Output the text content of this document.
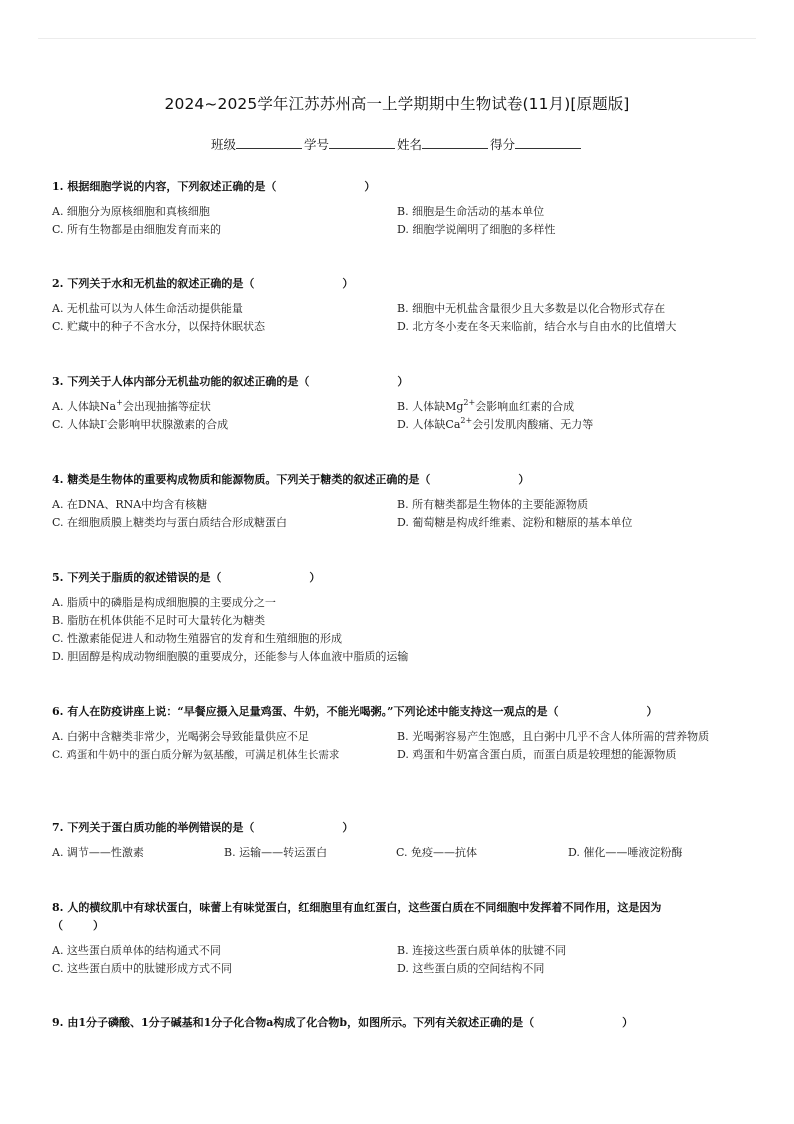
2024~2025学年江苏苏州高一上学期期中生物试卷(11月)[原题版]
班级	学号	姓名	得分
1. 根据细胞学说的内容，下列叙述正确的是（	）
A. 细胞分为原核细胞和真核细胞	B. 细胞是生命活动的基本单位
C. 所有生物都是由细胞发育而来的	D. 细胞学说阐明了细胞的多样性
2. 下列关于水和无机盐的叙述正确的是（	）
A. 无机盐可以为人体生命活动提供能量	B. 细胞中无机盐含量很少且大多数是以化合物形式存在
C. 贮藏中的种子不含水分，以保持休眠状态	D. 北方冬小麦在冬天来临前，结合水与自由水的比值增大
3. 下列关于人体内部分无机盐功能的叙述正确的是（	）
A. 人体缺Na+会出现抽搐等症状	B. 人体缺$Mg^{2+}$会影响血红素的合成
C. 人体缺I-会影响甲状腺激素的合成	D. 人体缺$Ca^{2+}$会引发肌肉酸痛、无力等
4. 糖类是生物体的重要构成物质和能源物质。下列关于糖类的叙述正确的是（	）
A. 在DNA、RNA中均含有核糖	B. 所有糖类都是生物体的主要能源物质
C. 在细胞质膜上糖类均与蛋白质结合形成糖蛋白	D. 葡萄糖是构成纤维素、淀粉和糖原的基本单位
5. 下列关于脂质的叙述错误的是（	）
A. 脂质中的磷脂是构成细胞膜的主要成分之一
B. 脂肪在机体供能不足时可大量转化为糖类
C. 性激素能促进人和动物生殖器官的发育和生殖细胞的形成
D. 胆固醇是构成动物细胞膜的重要成分，还能参与人体血液中脂质的运输
6. 有人在防疫讲座上说：“早餐应摄入足量鸡蛋、牛奶，不能光喝粥。”下列论述中能支持这一观点的是（	）
A. 白粥中含糖类非常少，光喝粥会导致能量供应不足	B. 光喝粥容易产生饱感，且白粥中几乎不含人体所需的营养物质
C. 鸡蛋和牛奶中的蛋白质分解为氨基酸，可满足机体生长需求	D. 鸡蛋和牛奶富含蛋白质，而蛋白质是较理想的能源物质
7. 下列关于蛋白质功能的举例错误的是（	）
A. 调节——性激素	B. 运输——转运蛋白	C. 免疫——抗体	D. 催化——唾液淀粉酶
8. 人的横纹肌中有球状蛋白，味蕾上有味觉蛋白，红细胞里有血红蛋白，这些蛋白质在不同细胞中发挥着不同作用，这是因为
（	）
A. 这些蛋白质单体的结构通式不同	B. 连接这些蛋白质单体的肽键不同
C. 这些蛋白质中的肽键形成方式不同	D. 这些蛋白质的空间结构不同
9. 由1分子磷酸、1分子碱基和1分子化合物a构成了化合物b，如图所示。下列有关叙述正确的是（	）
